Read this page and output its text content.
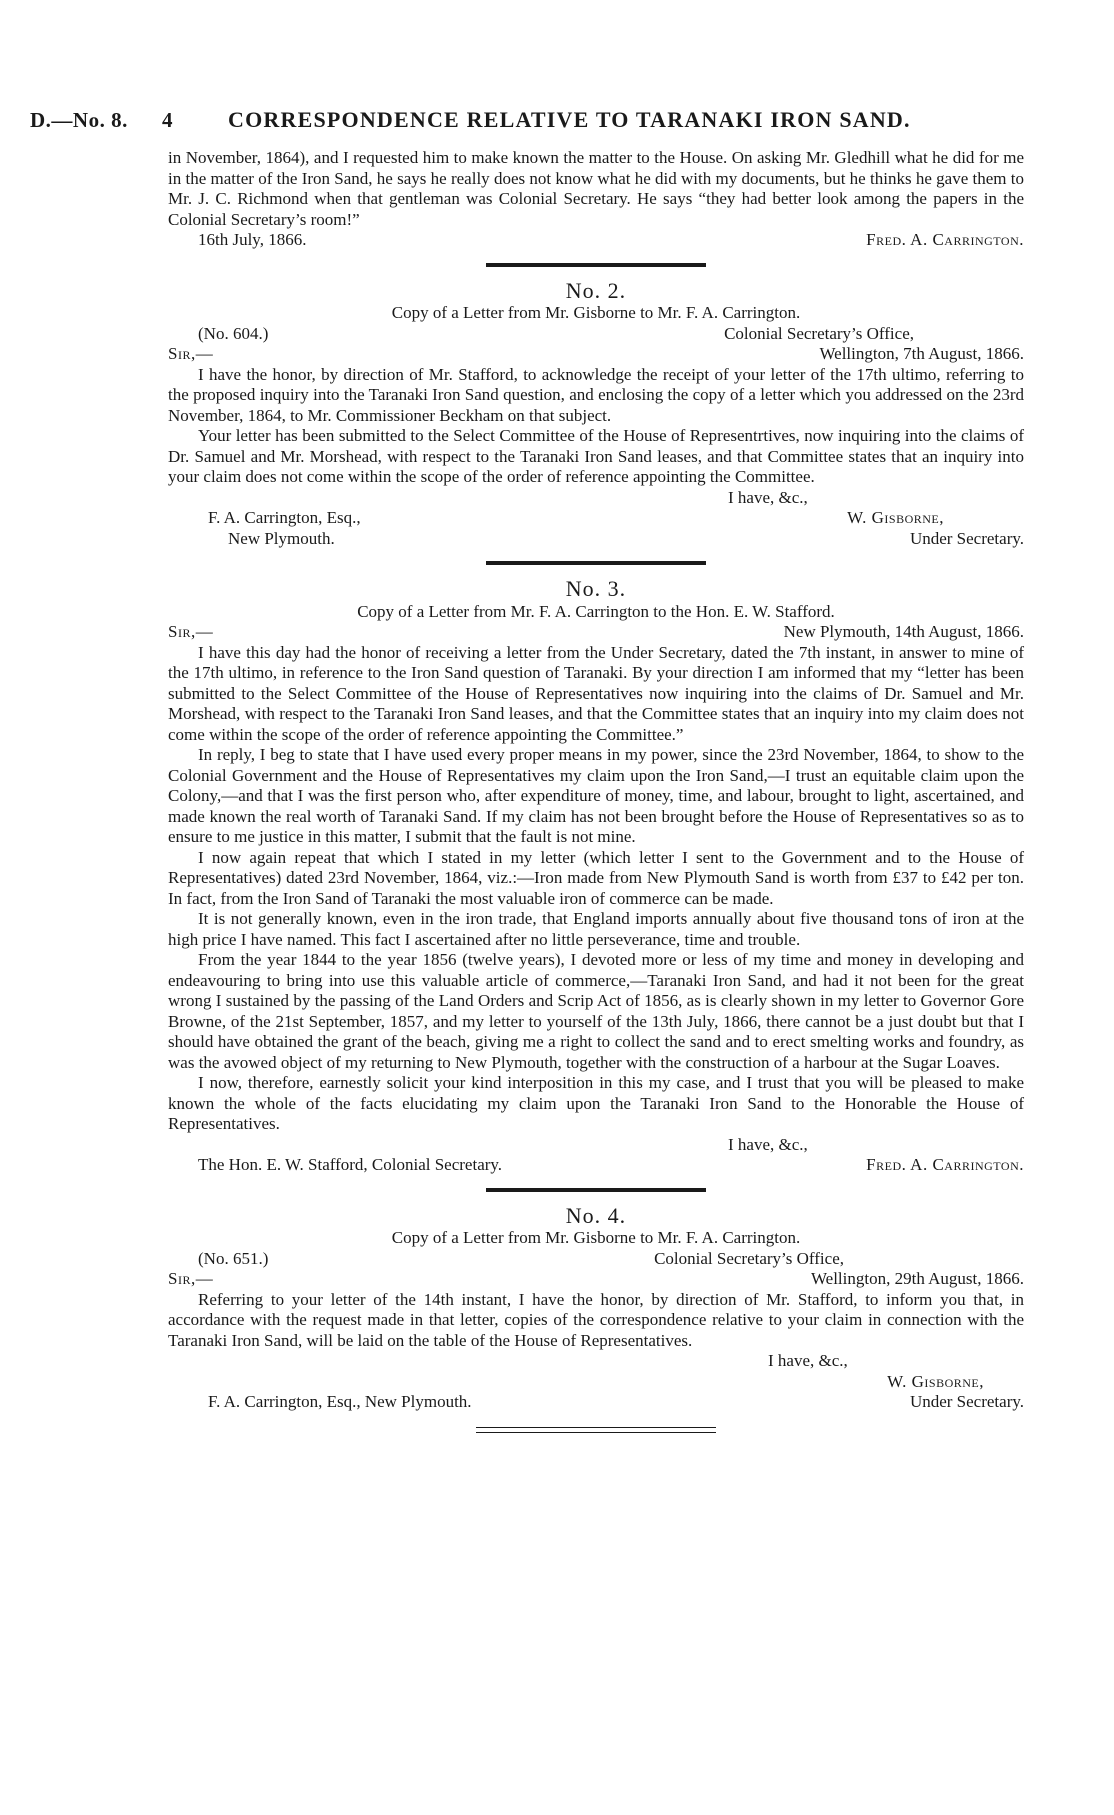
D.—No. 8. 4	CORRESPONDENCE RELATIVE TO TARANAKI IRON SAND.

in November, 1864), and I requested him to make known the matter to the House. On asking Mr. Gledhill what he did for me in the matter of the Iron Sand, he says he really does not know what he did with my documents, but he thinks he gave them to Mr. J. C. Richmond when that gentleman was Colonial Secretary. He says “they had better look among the papers in the Colonial Secretary’s room!”

16th July, 1866.	Fred. A. Carrington.
No. 2.
Copy of a Letter from Mr. Gisborne to Mr. F. A. Carrington.
(No. 604.)	Colonial Secretary’s Office,
Sir,—	Wellington, 7th August, 1866.

I have the honor, by direction of Mr. Stafford, to acknowledge the receipt of your letter of the 17th ultimo, referring to the proposed inquiry into the Taranaki Iron Sand question, and enclosing the copy of a letter which you addressed on the 23rd November, 1864, to Mr. Commissioner Beckham on that subject.

Your letter has been submitted to the Select Committee of the House of Representrtives, now inquiring into the claims of Dr. Samuel and Mr. Morshead, with respect to the Taranaki Iron Sand leases, and that Committee states that an inquiry into your claim does not come within the scope of the order of reference appointing the Committee.

I have, &c.,
F. A. Carrington, Esq.,	W. Gisborne,
New Plymouth.	Under Secretary.
No. 3.
Copy of a Letter from Mr. F. A. Carrington to the Hon. E. W. Stafford.
Sir,—	New Plymouth, 14th August, 1866.

I have this day had the honor of receiving a letter from the Under Secretary, dated the 7th instant, in answer to mine of the 17th ultimo, in reference to the Iron Sand question of Taranaki. By your direction I am informed that my “letter has been submitted to the Select Committee of the House of Representatives now inquiring into the claims of Dr. Samuel and Mr. Morshead, with respect to the Taranaki Iron Sand leases, and that the Committee states that an inquiry into my claim does not come within the scope of the order of reference appointing the Committee.”

In reply, I beg to state that I have used every proper means in my power, since the 23rd November, 1864, to show to the Colonial Government and the House of Representatives my claim upon the Iron Sand,—I trust an equitable claim upon the Colony,—and that I was the first person who, after expenditure of money, time, and labour, brought to light, ascertained, and made known the real worth of Taranaki Sand. If my claim has not been brought before the House of Representatives so as to ensure to me justice in this matter, I submit that the fault is not mine.

I now again repeat that which I stated in my letter (which letter I sent to the Government and to the House of Representatives) dated 23rd November, 1864, viz.:—Iron made from New Plymouth Sand is worth from £37 to £42 per ton. In fact, from the Iron Sand of Taranaki the most valuable iron of commerce can be made.

It is not generally known, even in the iron trade, that England imports annually about five thousand tons of iron at the high price I have named. This fact I ascertained after no little perseverance, time and trouble.

From the year 1844 to the year 1856 (twelve years), I devoted more or less of my time and money in developing and endeavouring to bring into use this valuable article of commerce,—Taranaki Iron Sand, and had it not been for the great wrong I sustained by the passing of the Land Orders and Scrip Act of 1856, as is clearly shown in my letter to Governor Gore Browne, of the 21st September, 1857, and my letter to yourself of the 13th July, 1866, there cannot be a just doubt but that I should have obtained the grant of the beach, giving me a right to collect the sand and to erect smelting works and foundry, as was the avowed object of my returning to New Plymouth, together with the construction of a harbour at the Sugar Loaves.

I now, therefore, earnestly solicit your kind interposition in this my case, and I trust that you will be pleased to make known the whole of the facts elucidating my claim upon the Taranaki Iron Sand to the Honorable the House of Representatives.

I have, &c.,
The Hon. E. W. Stafford, Colonial Secretary.	Fred. A. Carrington.
No. 4.
Copy of a Letter from Mr. Gisborne to Mr. F. A. Carrington.
(No. 651.)	Colonial Secretary’s Office,
Sir,—	Wellington, 29th August, 1866.

Referring to your letter of the 14th instant, I have the honor, by direction of Mr. Stafford, to inform you that, in accordance with the request made in that letter, copies of the correspondence relative to your claim in connection with the Taranaki Iron Sand, will be laid on the table of the House of Representatives.

I have, &c.,
W. Gisborne,
F. A. Carrington, Esq., New Plymouth.	Under Secretary.
